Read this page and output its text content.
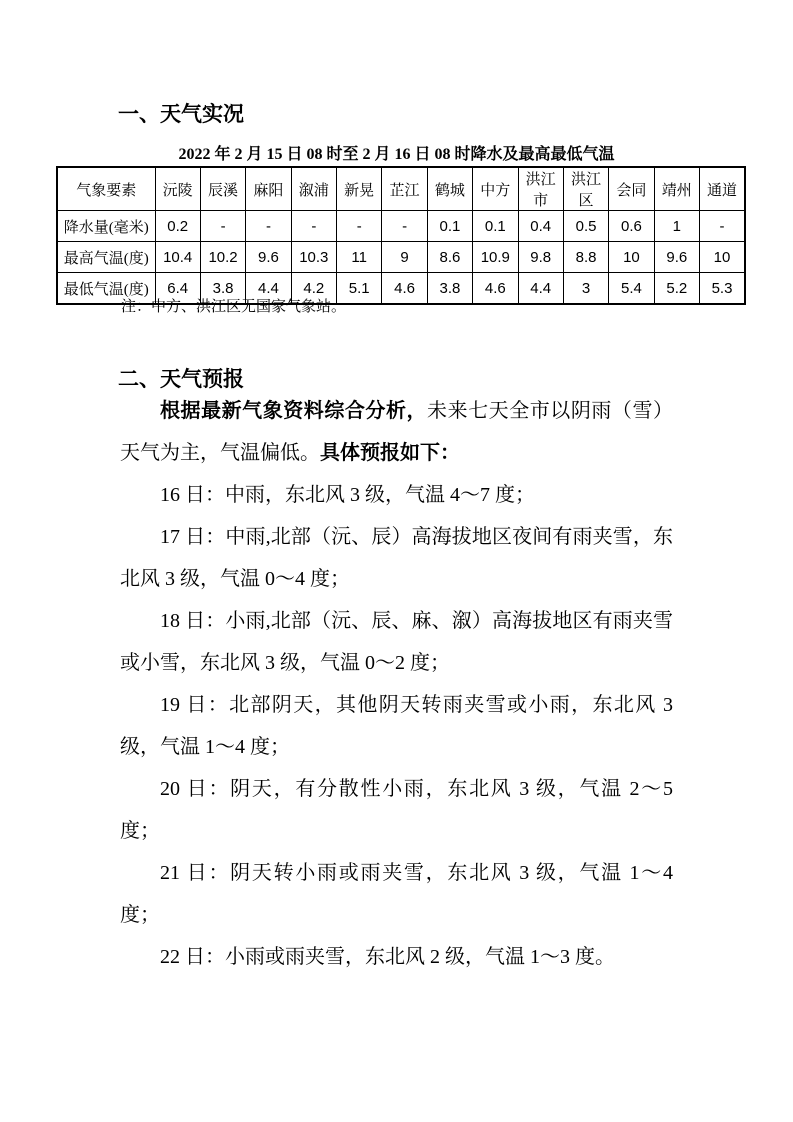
一、天气实况
2022 年 2 月 15 日 08 时至 2 月 16 日 08 时降水及最高最低气温
气象要素	沅陵	辰溪	麻阳	溆浦	新晃	芷江	鹤城	中方	洪江市	洪江区	会同	靖州	通道
降水量(毫米)	0.2	-	-	-	-	-	0.1	0.1	0.4	0.5	0.6	1	-
最高气温(度)	10.4	10.2	9.6	10.3	11	9	8.6	10.9	9.8	8.8	10	9.6	10
最低气温(度)	6.4	3.8	4.4	4.2	5.1	4.6	3.8	4.6	4.4	3	5.4	5.2	5.3
注：中方、洪江区无国家气象站。
二、天气预报

根据最新气象资料综合分析，未来七天全市以阴雨（雪）天气为主，气温偏低。具体预报如下：

16 日：中雨，东北风 3 级，气温 4～7 度；

17 日：中雨,北部（沅、辰）高海拔地区夜间有雨夹雪，东北风 3 级，气温 0～4 度；

18 日：小雨,北部（沅、辰、麻、溆）高海拔地区有雨夹雪或小雪，东北风 3 级，气温 0～2 度；

19 日：北部阴天，其他阴天转雨夹雪或小雨，东北风 3 级，气温 1～4 度；

20 日：阴天，有分散性小雨，东北风 3 级，气温 2～5 度；

21 日：阴天转小雨或雨夹雪，东北风 3 级，气温 1～4 度；

22 日：小雨或雨夹雪，东北风 2 级，气温 1～3 度。
